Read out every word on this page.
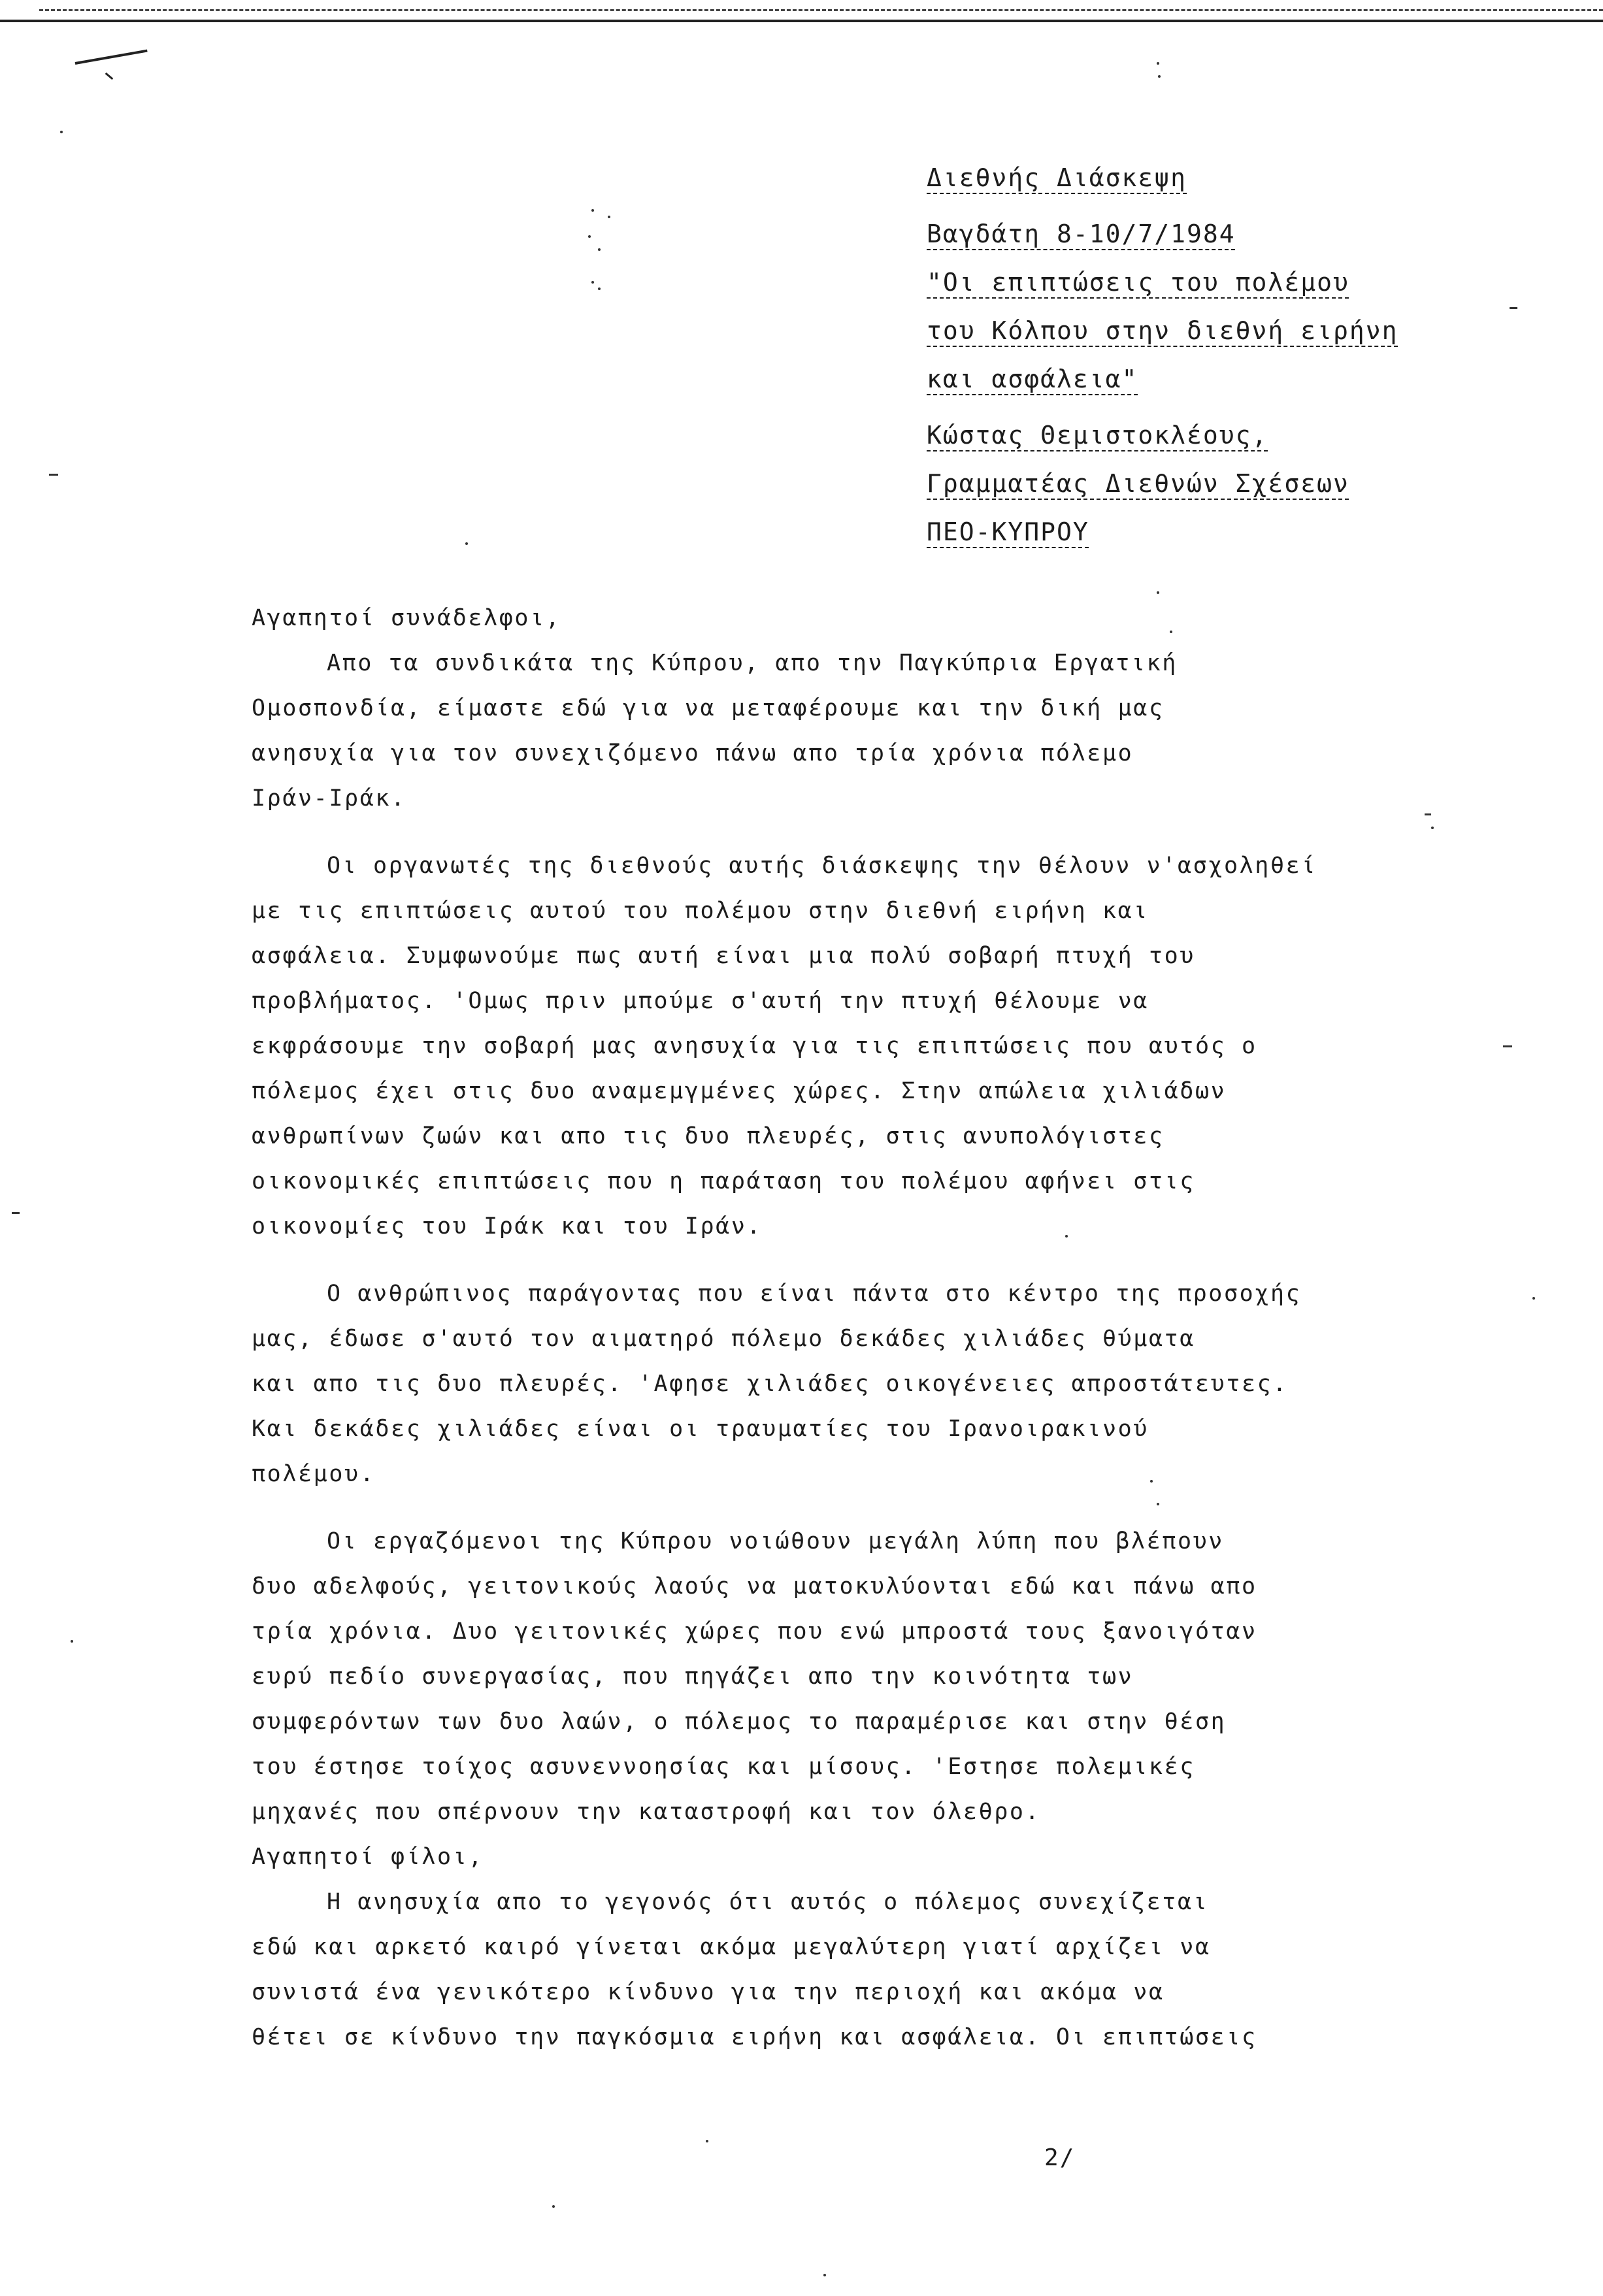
Διεθνής Διάσκεψη
Βαγδάτη 8-10/7/1984
"Οι επιπτώσεις του πολέμου
του Κόλπου στην διεθνή ειρήνη
και ασφάλεια"
Κώστας Θεμιστοκλέους,
Γραμματέας Διεθνών Σχέσεων
ΠΕΟ-ΚΥΠΡΟΥ
Αγαπητοί συνάδελφοι,
Απο τα συνδικάτα της Κύπρου, απο την Παγκύπρια Εργατική
Ομοσπονδία, είμαστε εδώ για να μεταφέρουμε και την δική μας
ανησυχία για τον συνεχιζόμενο πάνω απο τρία χρόνια πόλεμο
Ιράν-Ιράκ.
Οι οργανωτές της διεθνούς αυτής διάσκεψης την θέλουν ν'ασχοληθεί
με τις επιπτώσεις αυτού του πολέμου στην διεθνή ειρήνη και
ασφάλεια. Συμφωνούμε πως αυτή είναι μια πολύ σοβαρή πτυχή του
προβλήματος. 'Ομως πριν μπούμε σ'αυτή την πτυχή θέλουμε να
εκφράσουμε την σοβαρή μας ανησυχία για τις επιπτώσεις που αυτός ο
πόλεμος έχει στις δυο αναμεμγμένες χώρες. Στην απώλεια χιλιάδων
ανθρωπίνων ζωών και απο τις δυο πλευρές, στις ανυπολόγιστες
οικονομικές επιπτώσεις που η παράταση του πολέμου αφήνει στις
οικονομίες του Ιράκ και του Ιράν.
Ο ανθρώπινος παράγοντας που είναι πάντα στο κέντρο της προσοχής
μας, έδωσε σ'αυτό τον αιματηρό πόλεμο δεκάδες χιλιάδες θύματα
και απο τις δυο πλευρές. 'Αφησε χιλιάδες οικογένειες απροστάτευτες.
Και δεκάδες χιλιάδες είναι οι τραυματίες του Ιρανοιρακινού
πολέμου.
Οι εργαζόμενοι της Κύπρου νοιώθουν μεγάλη λύπη που βλέπουν
δυο αδελφούς, γειτονικούς λαούς να ματοκυλύονται εδώ και πάνω απο
τρία χρόνια. Δυο γειτονικές χώρες που ενώ μπροστά τους ξανοιγόταν
ευρύ πεδίο συνεργασίας, που πηγάζει απο την κοινότητα των
συμφερόντων των δυο λαών, ο πόλεμος το παραμέρισε και στην θέση
του έστησε τοίχος ασυνεννοησίας και μίσους. 'Εστησε πολεμικές
μηχανές που σπέρνουν την καταστροφή και τον όλεθρο.
Αγαπητοί φίλοι,
Η ανησυχία απο το γεγονός ότι αυτός ο πόλεμος συνεχίζεται
εδώ και αρκετό καιρό γίνεται ακόμα μεγαλύτερη γιατί αρχίζει να
συνιστά ένα γενικότερο κίνδυνο για την περιοχή και ακόμα να
θέτει σε κίνδυνο την παγκόσμια ειρήνη και ασφάλεια. Οι επιπτώσεις
2/
